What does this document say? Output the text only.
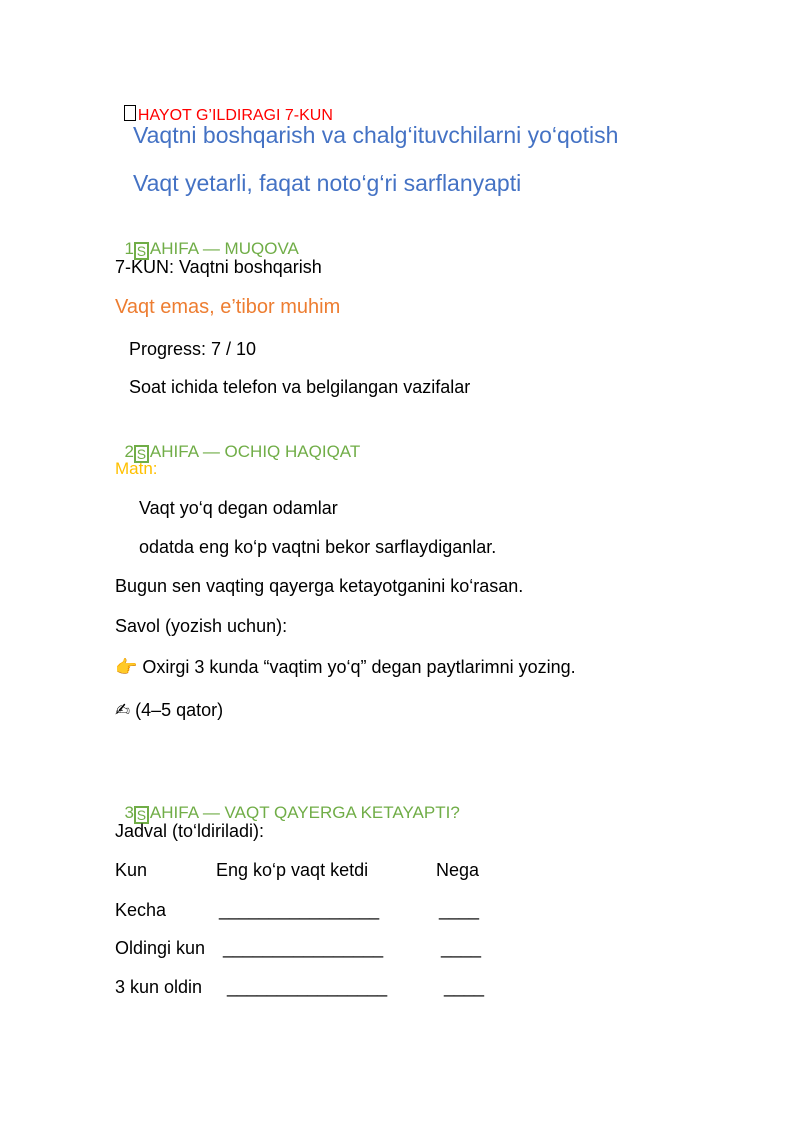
HAYOT G’ILDIRAGI 7-KUN

Vaqtni boshqarish va chalg‘ituvchilarni yo‘qotish
Vaqt yetarli, faqat noto‘g‘ri sarflanyapti

1 S AHIFA — MUQOVA

7-KUN: Vaqtni boshqarish
Vaqt emas, e’tibor muhim
Progress: 7 / 10
Soat ichida telefon va belgilangan vazifalar

2 S AHIFA — OCHIQ HAQIQAT

Matn:
Vaqt yo‘q degan odamlar
odatda eng ko‘p vaqtni bekor sarflaydiganlar.
Bugun sen vaqting qayerga ketayotganini ko‘rasan.
Savol (yozish uchun):
👉 Oxirgi 3 kunda “vaqtim yo‘q” degan paytlarimni yozing.
✍ (4–5 qator)

3 S AHIFA — VAQT QAYERGA KETAYAPTI?

Jadval (to‘ldiriladi):
Kun	Eng ko‘p vaqt ketdi	Nega
Kecha	________________	____
Oldingi kun ________________	____
3 kun oldin ________________	____
